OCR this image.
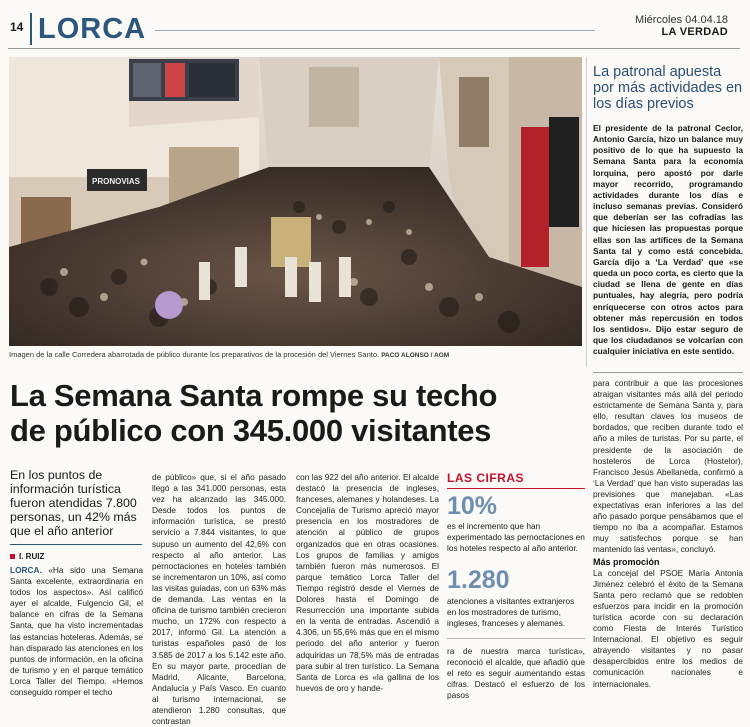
14 LORCA	Miércoles 04.04.18
LA VERDAD
PRONOVIAS
Imagen de la calle Corredera abarrotada de público durante los preparativos de la procesión del Viernes Santo. PACO ALONSO / AGM
La patronal apuesta por más actividades en los días previos
El presidente de la patronal Ceclor, Antonio García, hizo un balance muy positivo de lo que ha supuesto la Semana Santa para la economía lorquina, pero apostó por darle mayor recorrido, programando actividades durante los días e incluso semanas previas. Consideró que deberían ser las cofradías las que hiciesen las propuestas porque ellas son las artífices de la Semana Santa tal y como está concebida. García dijo a ‘La Verdad’ que «se queda un poco corta, es cierto que la ciudad se llena de gente en días puntuales, hay alegría, pero podría enriquecerse con otros actos para obtener más repercusión en todos los sentidos». Dijo estar seguro de que los ciudadanos se volcarían con cualquier iniciativa en este sentido.
La Semana Santa rompe su techo
de público con 345.000 visitantes
En los puntos de información turística fueron atendidas 7.800 personas, un 42% más que el año anterior
I. RUIZ
LORCA. «Ha sido una Semana Santa excelente, extraordinaria en todos los aspectos». Así calificó ayer el alcalde, Fulgencio Gil, el balance en cifras de la Semana Santa, que ha visto incrementadas las estancias hoteleras. Además, se han disparado las atenciones en los puntos de información, en la oficina de turismo y en el parque temático Lorca Taller del Tiempo. «Hemos conseguido romper el techo
de público» que, si el año pasado llegó a las 341.000 personas, esta vez ha alcanzado las 345.000. Desde todos los puntos de información turística, se prestó servicio a 7.844 visitantes, lo que supuso un aumento del 42,6% con respecto al año anterior. Las pernoctaciones en hoteles también se incrementaron un 10%, así como las visitas guiadas, con un 63% más de demanda. Las ventas en la oficina de turismo también crecieron mucho, un 172% con respecto a 2017, informó Gil. La atención a turistas españoles pasó de los 3.585 de 2017 a los 5.142 este año. En su mayor parte, procedían de Madrid, Alicante, Barcelona, Andalucía y País Vasco. En cuanto al turismo internacional, se atendieron 1.280 consultas, que contrastan
con las 922 del año anterior. El alcalde destacó la presencia de ingleses, franceses, alemanes y holandeses. La Concejalía de Turismo apreció mayor presencia en los mostradores de atención al público de grupos organizados que en otras ocasiones. Los grupos de familias y amigos también fueron más numerosos. El parque temático Lorca Taller del Tiempo registró desde el Viernes de Dolores hasta el Domingo de Resurrección una importante subida en la venta de entradas. Ascendió a 4.306, un 55,6% más que en el mismo periodo del año anterior y fueron adquiridas un 78,5% más de entradas para subir al tren turístico. La Semana Santa de Lorca es «la gallina de los huevos de oro y hande-
LAS CIFRAS
10%
es el incremento que han experimentado las pernoctaciones en los hoteles respecto al año anterior.
1.280
atenciones a visitantes extranjeros en los mostradores de turismo, ingleses, franceses y alemanes.
ra de nuestra marca turística», reconoció el alcalde, que añadió que el reto es seguir aumentando estas cifras. Destacó el esfuerzo de los pasos
para contribuir a que las procesiones atraigan visitantes más allá del periodo estrictamente de Semana Santa y, para ello, resultan claves los museos de bordados, que reciben durante todo el año a miles de turistas. Por su parte, el presidente de la asociación de hosteleros de Lorca (Hostelor), Francisco Jesús Abellaneda, confirmó a ‘La Verdad’ que han visto superadas las previsiones que manejaban. «Las expectativas eran inferiores a las del año pasado porque pensábamos que el tiempo no iba a acompañar. Estamos muy satisfechos porque se han mantenido las ventas», concluyó.
Más promoción
La concejal del PSOE María Antonia Jiménez celebró el éxito de la Semana Santa pero reclamó que se redoblen esfuerzos para incidir en la promoción turística acorde con su declaración como Fiesta de Interés Turístico Internacional. El objetivo es seguir atrayendo visitantes y no pasar desapercibidos entre los medios de comunicación nacionales e internacionales.
